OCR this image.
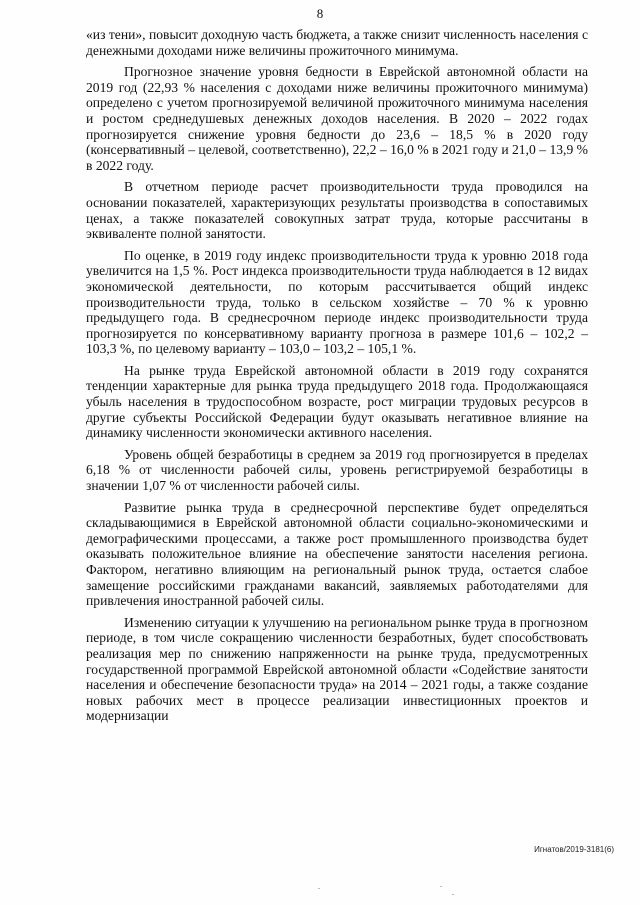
8

«из тени», повысит доходную часть бюджета, а также снизит численность населения с денежными доходами ниже величины прожиточного минимума.

Прогнозное значение уровня бедности в Еврейской автономной области на 2019 год (22,93 % населения с доходами ниже величины прожиточного минимума) определено с учетом прогнозируемой величиной прожиточного минимума населения и ростом среднедушевых денежных доходов населения. В 2020 – 2022 годах прогнозируется снижение уровня бедности до 23,6 – 18,5 % в 2020 году (консервативный – целевой, соответственно), 22,2 – 16,0 % в 2021 году и 21,0 – 13,9 % в 2022 году.

В отчетном периоде расчет производительности труда проводился на основании показателей, характеризующих результаты производства в сопоставимых ценах, а также показателей совокупных затрат труда, которые рассчитаны в эквиваленте полной занятости.

По оценке, в 2019 году индекс производительности труда к уровню 2018 года увеличится на 1,5 %. Рост индекса производительности труда наблюдается в 12 видах экономической деятельности, по которым рассчитывается общий индекс производительности труда, только в сельском хозяйстве – 70 % к уровню предыдущего года. В среднесрочном периоде индекс производительности труда прогнозируется по консервативному варианту прогноза в размере 101,6 – 102,2 – 103,3 %, по целевому варианту – 103,0 – 103,2 – 105,1 %.

На рынке труда Еврейской автономной области в 2019 году сохранятся тенденции характерные для рынка труда предыдущего 2018 года. Продолжающаяся убыль населения в трудоспособном возрасте, рост миграции трудовых ресурсов в другие субъекты Российской Федерации будут оказывать негативное влияние на динамику численности экономически активного населения.

Уровень общей безработицы в среднем за 2019 год прогнозируется в пределах 6,18 % от численности рабочей силы, уровень регистрируемой безработицы в значении 1,07 % от численности рабочей силы.

Развитие рынка труда в среднесрочной перспективе будет определяться складывающимися в Еврейской автономной области социально-экономическими и демографическими процессами, а также рост промышленного производства будет оказывать положительное влияние на обеспечение занятости населения региона. Фактором, негативно влияющим на региональный рынок труда, остается слабое замещение российскими гражданами вакансий, заявляемых работодателями для привлечения иностранной рабочей силы.

Изменению ситуации к улучшению на региональном рынке труда в прогнозном периоде, в том числе сокращению численности безработных, будет способствовать реализация мер по снижению напряженности на рынке труда, предусмотренных государственной программой Еврейской автономной области «Содействие занятости населения и обеспечение безопасности труда» на 2014 – 2021 годы, а также создание новых рабочих мест в процессе реализации инвестиционных проектов и модернизации

Игнатов/2019-3181(6)
